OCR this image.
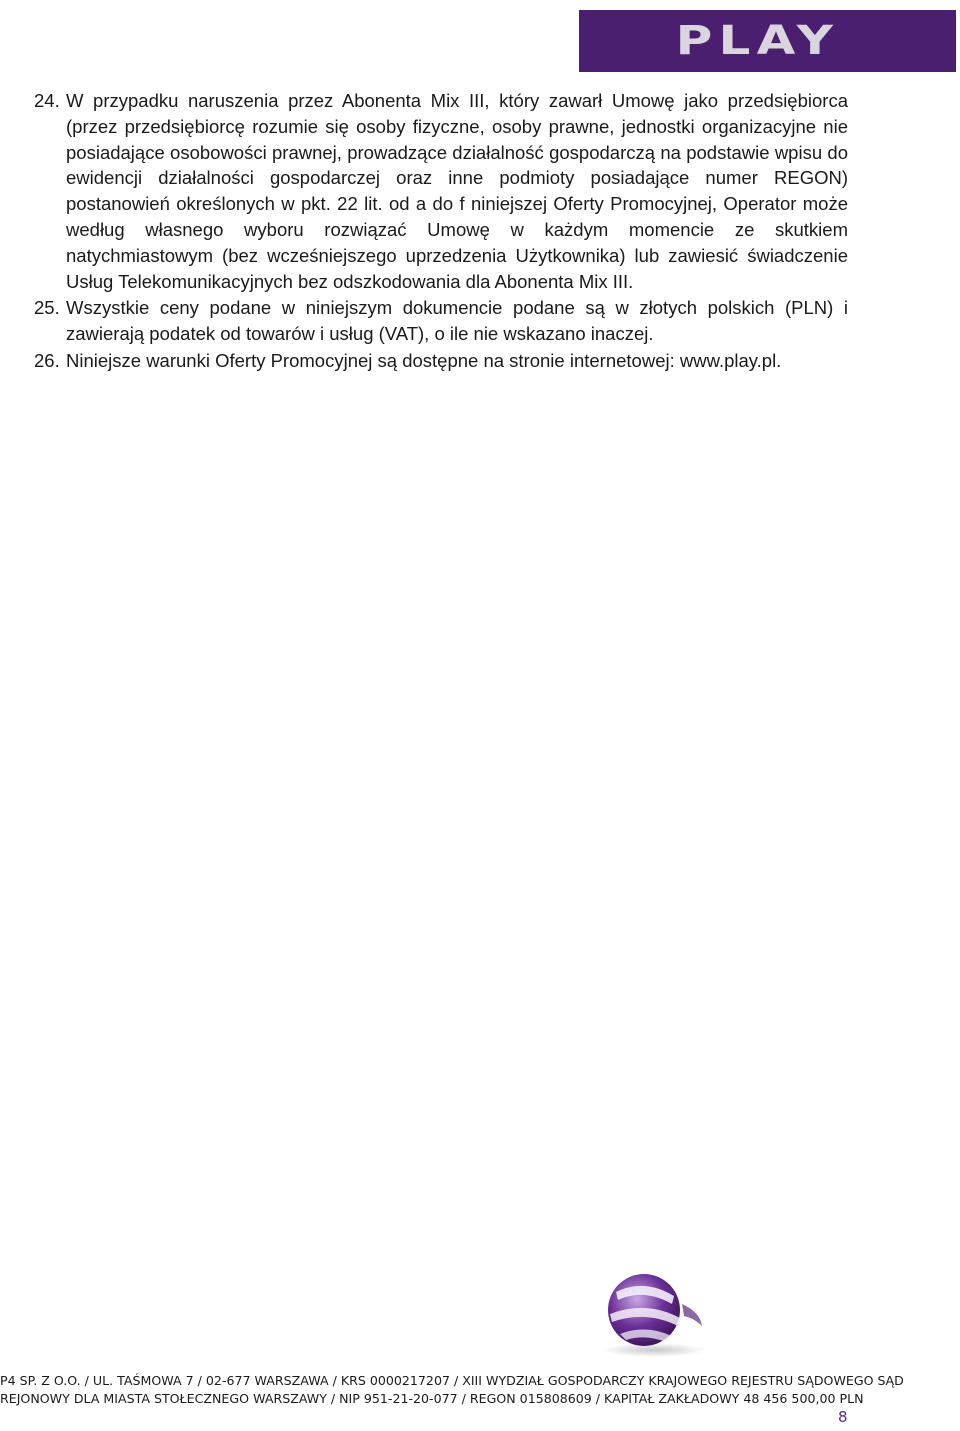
PLAY
24. W przypadku naruszenia przez Abonenta Mix III, który zawarł Umowę jako przedsiębiorca (przez przedsiębiorcę rozumie się osoby fizyczne, osoby prawne, jednostki organizacyjne nie posiadające osobowości prawnej, prowadzące działalność gospodarczą na podstawie wpisu do ewidencji działalności gospodarczej oraz inne podmioty posiadające numer REGON) postanowień określonych w pkt. 22 lit. od a do f niniejszej Oferty Promocyjnej, Operator może według własnego wyboru rozwiązać Umowę w każdym momencie ze skutkiem natychmiastowym (bez wcześniejszego uprzedzenia Użytkownika) lub zawiesić świadczenie Usług Telekomunikacyjnych bez odszkodowania dla Abonenta Mix III.
25. Wszystkie ceny podane w niniejszym dokumencie podane są w złotych polskich (PLN) i zawierają podatek od towarów i usług (VAT), o ile nie wskazano inaczej.
26. Niniejsze warunki Oferty Promocyjnej są dostępne na stronie internetowej: www.play.pl.
P4 SP. Z O.O. / UL. TAŚMOWA 7 / 02-677 WARSZAWA / KRS 0000217207 / XIII WYDZIAŁ GOSPODARCZY KRAJOWEGO REJESTRU SĄDOWEGO SĄD
REJONOWY DLA MIASTA STOŁECZNEGO WARSZAWY / NIP 951-21-20-077 / REGON 015808609 / KAPITAŁ ZAKŁADOWY 48 456 500,00 PLN
8
